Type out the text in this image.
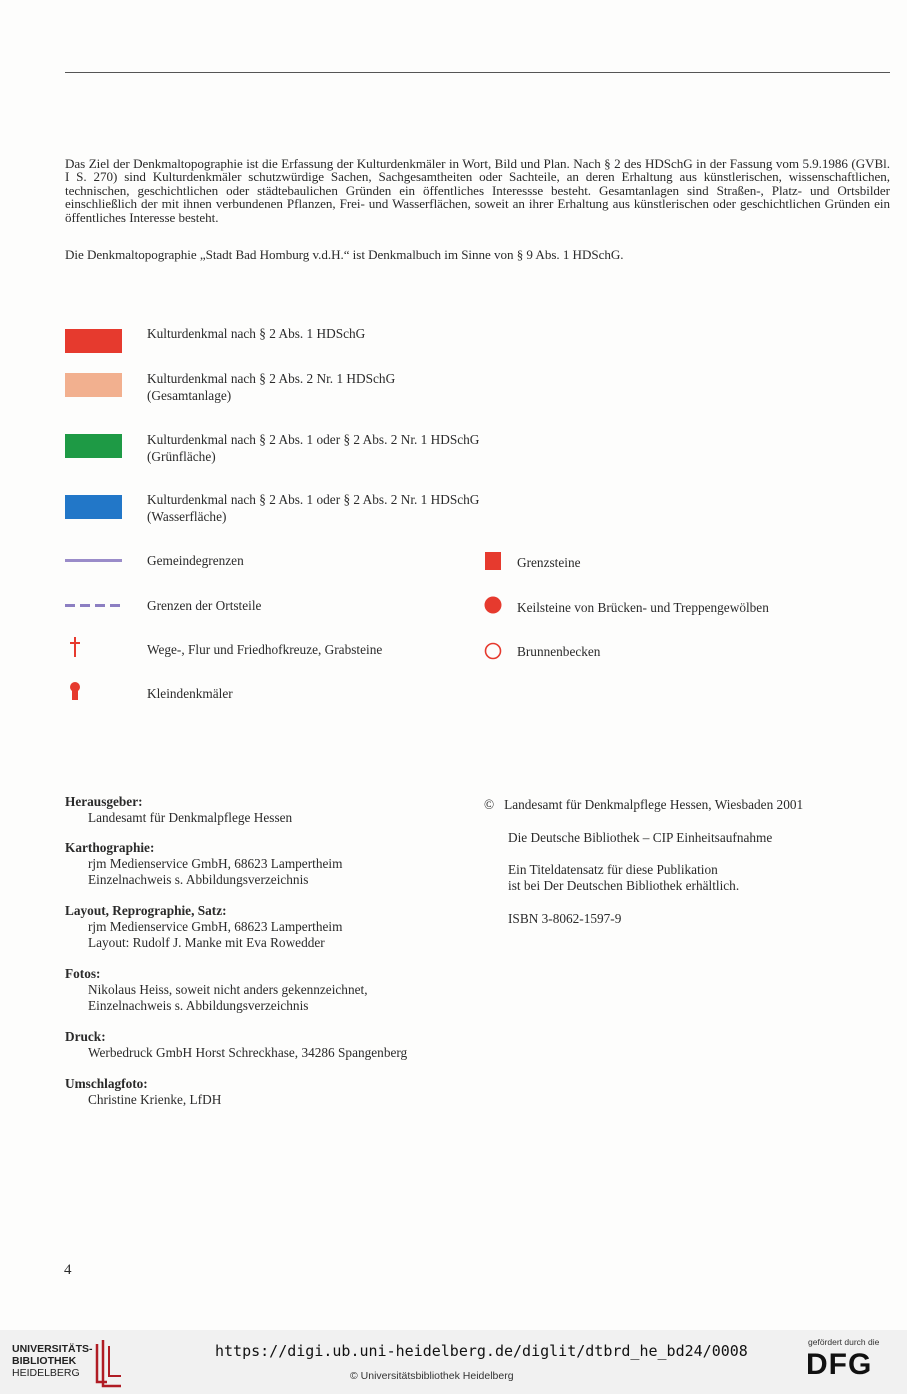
Das Ziel der Denkmaltopographie ist die Erfassung der Kulturdenkmäler in Wort, Bild und Plan. Nach § 2 des HDSchG in der Fassung vom 5.9.1986 (GVBl. I S. 270) sind Kulturdenkmäler schutzwürdige Sachen, Sachgesamtheiten oder Sachteile, an deren Erhaltung aus künstlerischen, wissenschaftlichen, technischen, geschichtlichen oder städtebaulichen Gründen ein öffentliches Interessse besteht. Gesamtanlagen sind Straßen-, Platz- und Ortsbilder einschließlich der mit ihnen verbundenen Pflanzen, Frei- und Wasserflächen, soweit an ihrer Erhaltung aus künstlerischen oder geschichtlichen Gründen ein öffentliches Interesse besteht.

Die Denkmaltopographie „Stadt Bad Homburg v.d.H.“ ist Denkmalbuch im Sinne von § 9 Abs. 1 HDSchG.

Kulturdenkmal nach § 2 Abs. 1 HDSchG
Kulturdenkmal nach § 2 Abs. 2 Nr. 1 HDSchG
(Gesamtanlage)
Kulturdenkmal nach § 2 Abs. 1 oder § 2 Abs. 2 Nr. 1 HDSchG
(Grünfläche)
Kulturdenkmal nach § 2 Abs. 1 oder § 2 Abs. 2 Nr. 1 HDSchG
(Wasserfläche)
Gemeindegrenzen
Grenzen der Ortsteile
Wege-, Flur und Friedhofkreuze, Grabsteine
Kleindenkmäler
Grenzsteine
Keilsteine von Brücken- und Treppengewölben
Brunnenbecken
Herausgeber:
Landesamt für Denkmalpflege Hessen
Karthographie:
rjm Medienservice GmbH, 68623 Lampertheim
Einzelnachweis s. Abbildungsverzeichnis
Layout, Reprographie, Satz:
rjm Medienservice GmbH, 68623 Lampertheim
Layout: Rudolf J. Manke mit Eva Rowedder
Fotos:
Nikolaus Heiss, soweit nicht anders gekennzeichnet,
Einzelnachweis s. Abbildungsverzeichnis
Druck:
Werbedruck GmbH Horst Schreckhase, 34286 Spangenberg
Umschlagfoto:
Christine Krienke, LfDH
© Landesamt für Denkmalpflege Hessen, Wiesbaden 2001
Die Deutsche Bibliothek – CIP Einheitsaufnahme
Ein Titeldatensatz für diese Publikation
ist bei Der Deutschen Bibliothek erhältlich.
ISBN 3-8062-1597-9
4
UNIVERSITÄTS-
BIBLIOTHEK
HEIDELBERG
https://digi.ub.uni-heidelberg.de/diglit/dtbrd_he_bd24/0008
© Universitätsbibliothek Heidelberg
gefördert durch die
DFG
